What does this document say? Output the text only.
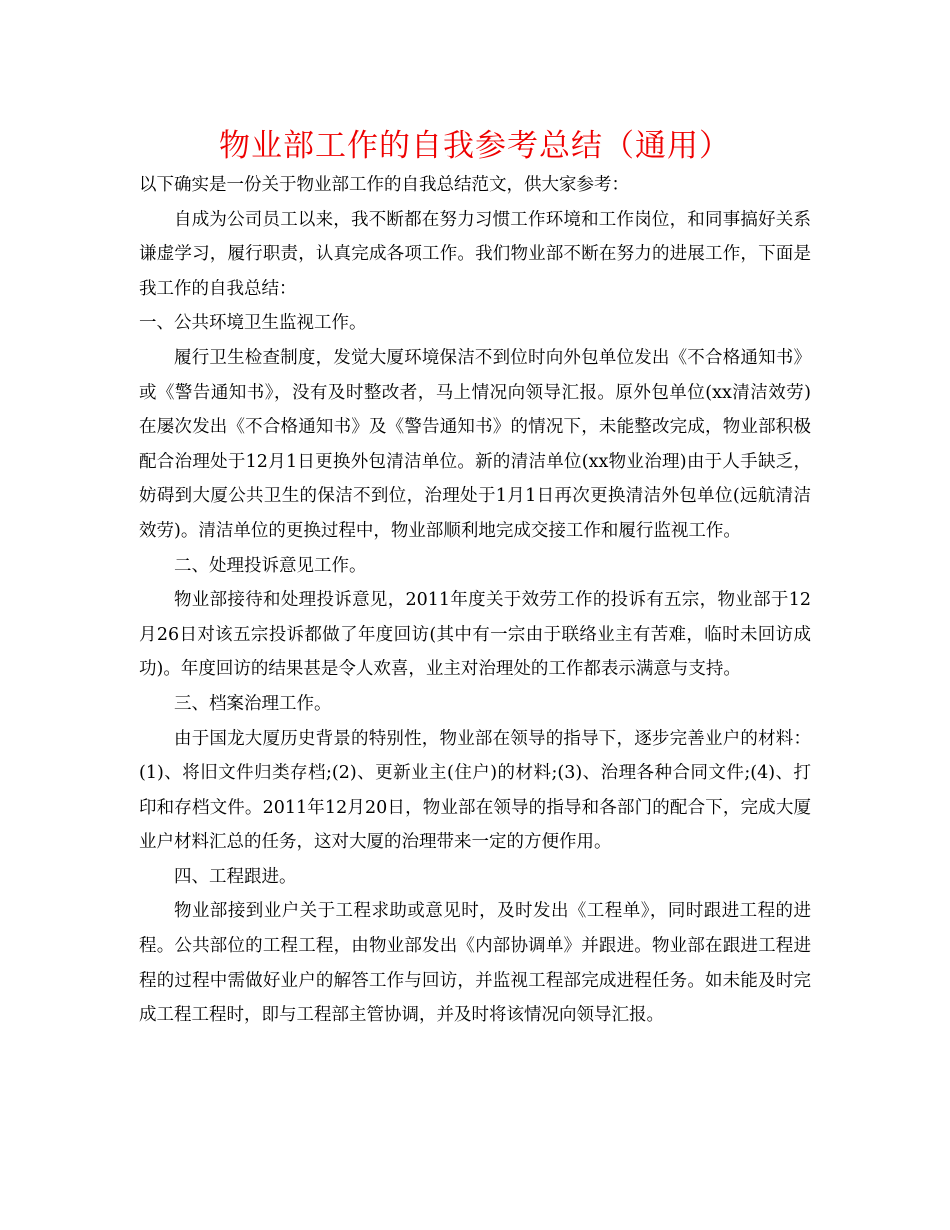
物业部工作的自我参考总结（通用）

以下确实是一份关于物业部工作的自我总结范文，供大家参考：

自成为公司员工以来，我不断都在努力习惯工作环境和工作岗位，和同事搞好关系谦虚学习，履行职责，认真完成各项工作。我们物业部不断在努力的进展工作，下面是我工作的自我总结：

一、公共环境卫生监视工作。

履行卫生检查制度，发觉大厦环境保洁不到位时向外包单位发出《不合格通知书》或《警告通知书》，没有及时整改者，马上情况向领导汇报。原外包单位(xx清洁效劳)在屡次发出《不合格通知书》及《警告通知书》的情况下，未能整改完成，物业部积极配合治理处于12月1日更换外包清洁单位。新的清洁单位(xx物业治理)由于人手缺乏，妨碍到大厦公共卫生的保洁不到位，治理处于1月1日再次更换清洁外包单位(远航清洁效劳)。清洁单位的更换过程中，物业部顺利地完成交接工作和履行监视工作。

二、处理投诉意见工作。

物业部接待和处理投诉意见，2011年度关于效劳工作的投诉有五宗，物业部于12月26日对该五宗投诉都做了年度回访(其中有一宗由于联络业主有苦难，临时未回访成功)。年度回访的结果甚是令人欢喜，业主对治理处的工作都表示满意与支持。

三、档案治理工作。

由于国龙大厦历史背景的特别性，物业部在领导的指导下，逐步完善业户的材料：(1)、将旧文件归类存档;(2)、更新业主(住户)的材料;(3)、治理各种合同文件;(4)、打印和存档文件。2011年12月20日，物业部在领导的指导和各部门的配合下，完成大厦业户材料汇总的任务，这对大厦的治理带来一定的方便作用。

四、工程跟进。

物业部接到业户关于工程求助或意见时，及时发出《工程单》，同时跟进工程的进程。公共部位的工程工程，由物业部发出《内部协调单》并跟进。物业部在跟进工程进程的过程中需做好业户的解答工作与回访，并监视工程部完成进程任务。如未能及时完成工程工程时，即与工程部主管协调，并及时将该情况向领导汇报。
